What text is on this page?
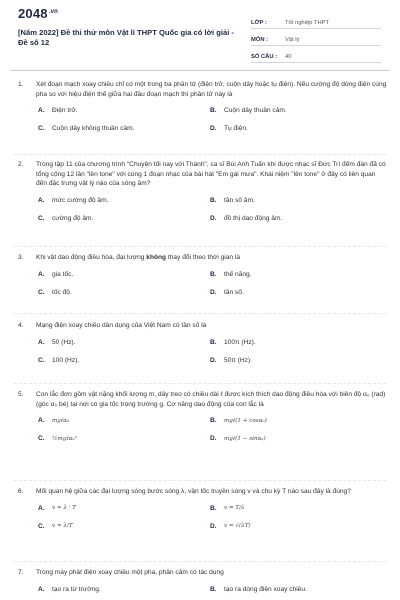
$2048^{.vn}$
[Năm 2022] Đề thi thử môn Vật lí THPT Quốc gia có lời giải - Đề số 12
LỚP :	Tốt nghiệp THPT
MÔN :	Vật lý
SỐ CÂU :	40
1.	Xét đoạn mạch xoay chiều chỉ có một trong ba phần tử (điện trở, cuộn dây hoặc tụ điện). Nếu cường độ dòng điện cùng pha so với hiệu điện thế giữa hai đầu đoạn mạch thì phần tử này là
A.	Điện trở.	B.	Cuộn dây thuần cảm.
C.	Cuộn dây không thuần cảm.	D.	Tụ điện.
2.	Trong tập 11 của chương trình "Chuyện tối nay với Thành", ca sĩ Bùi Anh Tuấn khi được nhạc sĩ Đức Trí đếm đàn đã có tổng cộng 12 lần "lên tone" với cùng 1 đoạn nhạc của bài hát "Em gái mưa". Khái niệm "lên tone" ở đây có liên quan đến đặc trưng vật lý nào của sóng âm?
A.	mức cường độ âm.	B.	tần số âm.
C.	cường độ âm.	D.	đồ thị dao động âm.
3.	Khi vật dao động điều hòa, đại lượng không thay đổi theo thời gian là
A.	gia tốc.	B.	thế năng.
C.	tốc độ.	D.	tần số.
4.	Mạng điện xoay chiều dân dụng của Việt Nam có tần số là
A.	50 (Hz).	B.	100π (Hz).
C.	100 (Hz).	D.	50π (Hz).
5.	Con lắc đơn gồm vật nặng khối lượng m, dây treo có chiều dài ℓ được kích thích dao động điều hòa với biên độ α₀ (rad) (góc α₀ bé) tại nơi có gia tốc trọng trường g. Cơ năng dao động của con lắc là
A.	mgℓα₀	B.	mgℓ(1 + cosα₀)
C.	½mgℓα₀²	D.	mgℓ(1 − sinα₀)
6.	Mối quan hệ giữa các đại lượng sóng bước sóng λ, vận tốc truyền sóng v và chu kỳ T nào sau đây là đúng?
A.	v = λ · T	B.	v = T/λ
C.	v = λ/T	D.	v = √(λT)
7.	Trong máy phát điện xoay chiều một pha, phần cảm có tác dụng
A.	tạo ra từ trường.	B.	tạo ra dòng điện xoay chiều.
